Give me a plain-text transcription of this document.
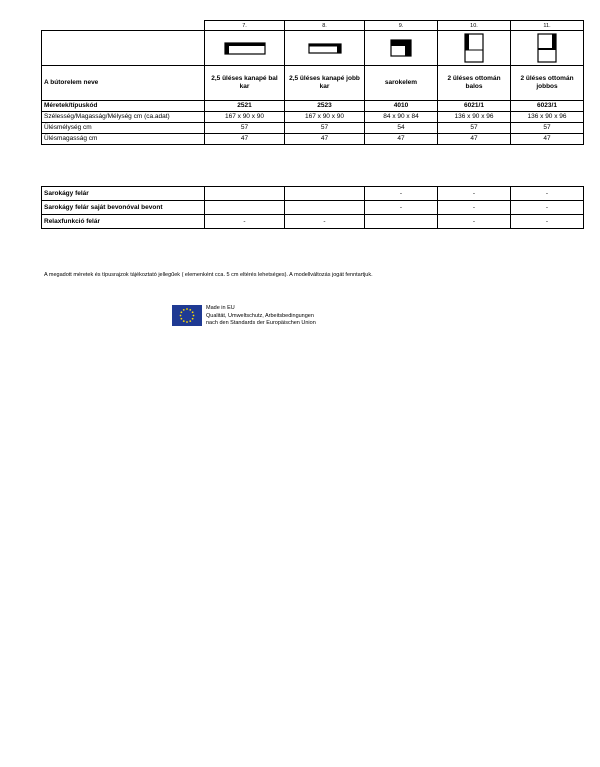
	7.	8.	9.	10.	11.

A bútorelem neve	2,5 üléses kanapé bal kar	2,5 üléses kanapé jobb kar	sarokelem	2 üléses ottomán balos	2 üléses ottomán jobbos
Méretek/típuskód	2521	2523	4010	6021/1	6023/1
Szélesség/Magasság/Mélység cm (ca.adat)	167 x 90 x 90	167 x 90 x 90	84 x 90 x 84	136 x 90 x 96	136 x 90 x 96
Ülésmélység cm	57	57	54	57	57
Ülésmagasság cm	47	47	47	47	47
Sarokágy felár			-	-	-
Sarokágy felár saját bevonóval bevont			-	-	-
Relaxfunkció felár	-	-		-	-
A megadott méretek és típusrajzok tájékoztató jellegűek ( elemenként cca. 5 cm eltérés lehetséges). A modellváltozás jogát fenntartjuk.
Made in EU
Qualität, Umweltschutz, Arbeitsbedingungen
nach den Standards der Europäischen Union
